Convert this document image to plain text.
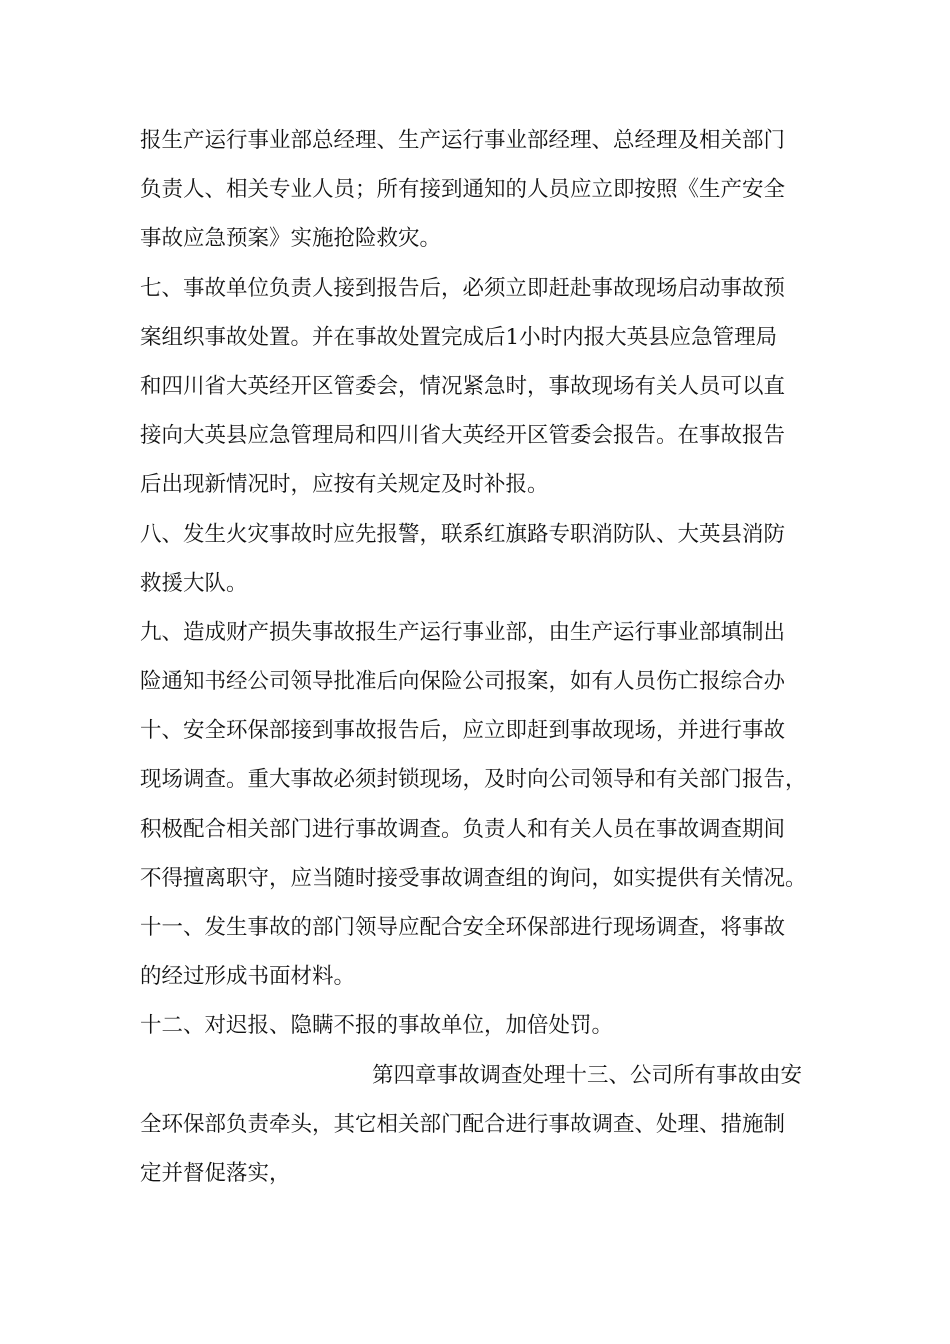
报生产运行事业部总经理、生产运行事业部经理、总经理及相关部门
负责人、相关专业人员；所有接到通知的人员应立即按照《生产安全
事故应急预案》实施抢险救灾。
七、事故单位负责人接到报告后，必须立即赶赴事故现场启动事故预
案组织事故处置。并在事故处置完成后1小时内报大英县应急管理局
和四川省大英经开区管委会，情况紧急时，事故现场有关人员可以直
接向大英县应急管理局和四川省大英经开区管委会报告。在事故报告
后出现新情况时，应按有关规定及时补报。
八、发生火灾事故时应先报警，联系红旗路专职消防队、大英县消防
救援大队。
九、造成财产损失事故报生产运行事业部，由生产运行事业部填制出
险通知书经公司领导批准后向保险公司报案，如有人员伤亡报综合办
十、安全环保部接到事故报告后，应立即赶到事故现场，并进行事故
现场调查。重大事故必须封锁现场，及时向公司领导和有关部门报告，
积极配合相关部门进行事故调查。负责人和有关人员在事故调查期间
不得擅离职守，应当随时接受事故调查组的询问，如实提供有关情况。
十一、发生事故的部门领导应配合安全环保部进行现场调查，将事故
的经过形成书面材料。
十二、对迟报、隐瞒不报的事故单位，加倍处罚。
第四章事故调查处理十三、公司所有事故由安
全环保部负责牵头，其它相关部门配合进行事故调查、处理、措施制
定并督促落实，
